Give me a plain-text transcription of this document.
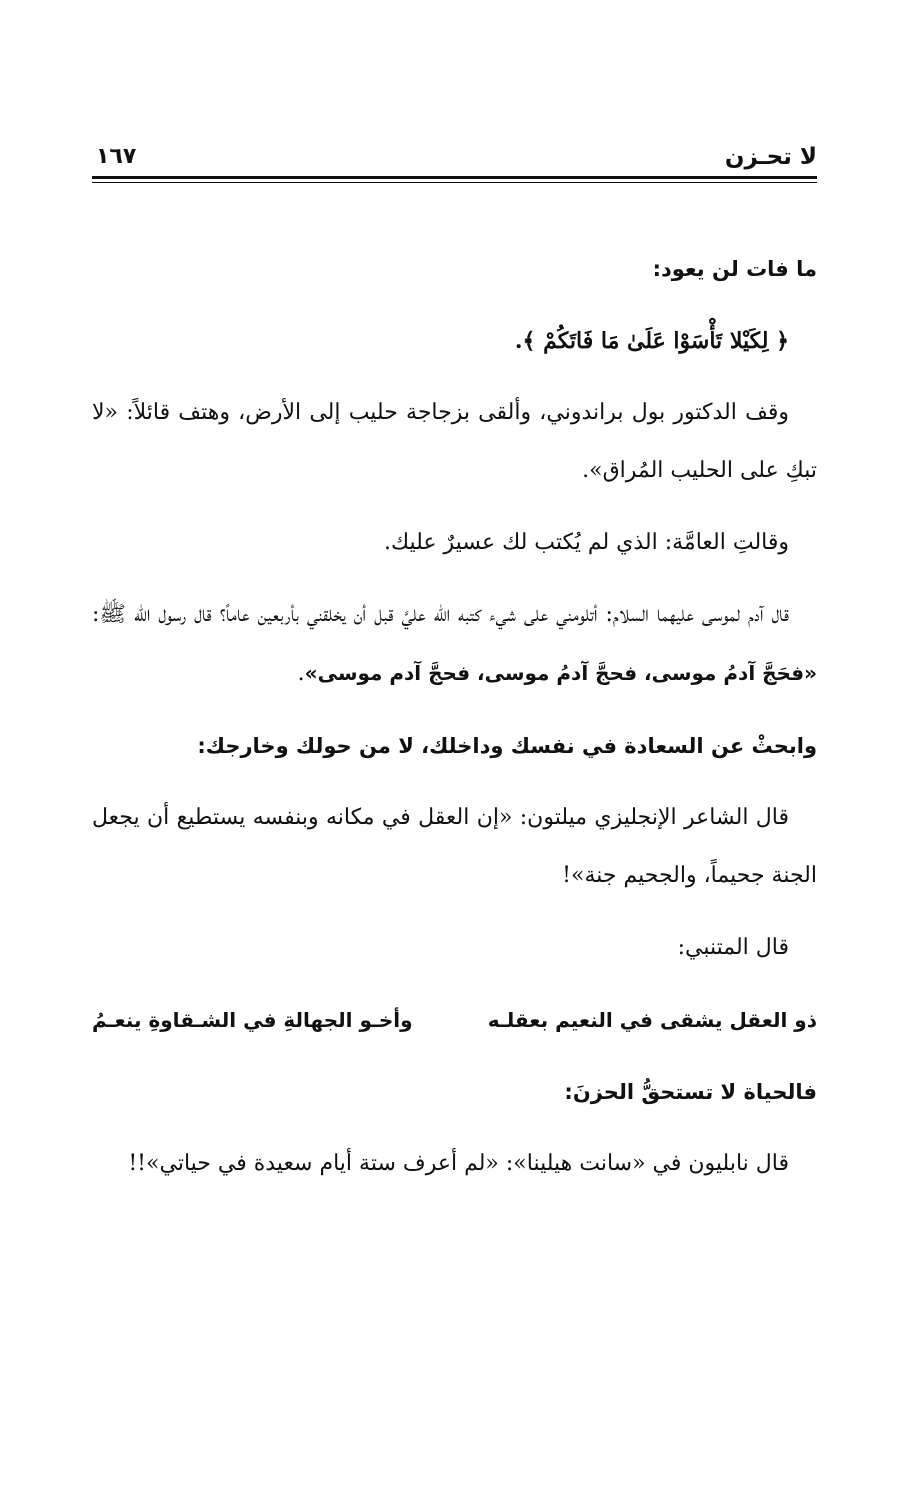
لا تحـزن
١٦٧

ما فات لن يعود:

﴿ لِكَيْلا تَأْسَوْا عَلَىٰ مَا فَاتَكُمْ ﴾.

وقف الدكتور بول براندوني، وألقى بزجاجة حليب إلى الأرض، وهتف قائلاً: «لا تبكِ على الحليب المُراق».

وقالتِ العامَّة: الذي لم يُكتب لك عسيرٌ عليك.

قال آدم لموسى عليهما السلام: أتلومني على شيء كتبه الله عليَّ قبل أن يخلقني بأربعين عاماً؟ قال رسول الله ﷺ: «فحَجَّ آدمُ موسى، فحجَّ آدمُ موسى، فحجَّ آدم موسى».

وابحثْ عن السعادة في نفسك وداخلك، لا من حولك وخارجك:

قال الشاعر الإنجليزي ميلتون: «إن العقل في مكانه وبنفسه يستطيع أن يجعل الجنة جحيماً، والجحيم جنة»!

قال المتنبي:

ذو العقل يشقى في النعيم بعقلـه
وأخـو الجهالةِ في الشـقاوةِ ينعـمُ

فالحياة لا تستحقُّ الحزنَ:

قال نابليون في «سانت هيلينا»: «لم أعرف ستة أيام سعيدة في حياتي»!!
